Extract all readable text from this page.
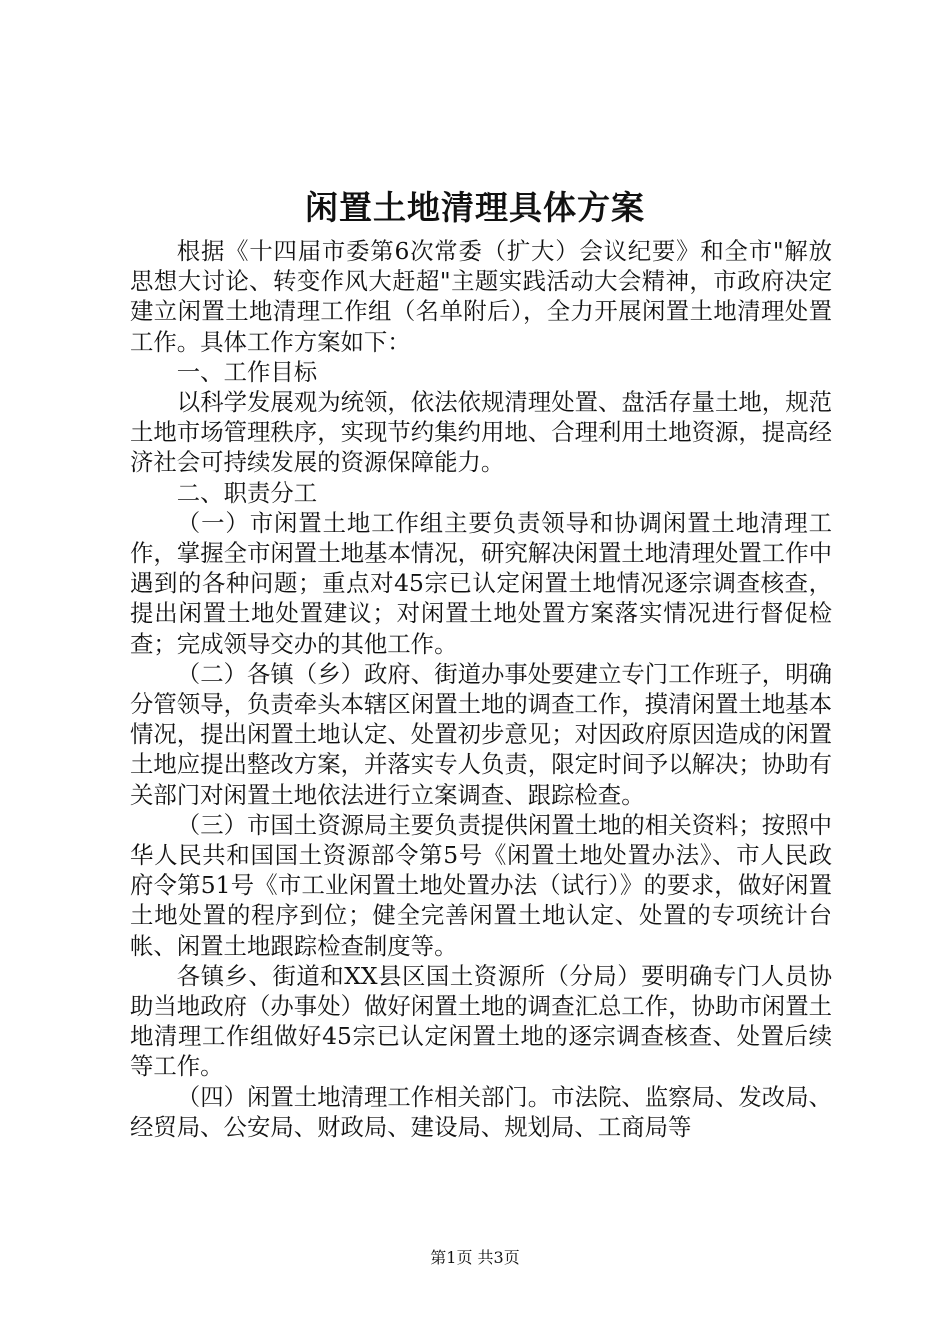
闲置土地清理具体方案

根据《十四届市委第6次常委（扩大）会议纪要》和全市"解放思想大讨论、转变作风大赶超"主题实践活动大会精神，市政府决定建立闲置土地清理工作组（名单附后），全力开展闲置土地清理处置工作。具体工作方案如下：

一、工作目标

以科学发展观为统领，依法依规清理处置、盘活存量土地，规范土地市场管理秩序，实现节约集约用地、合理利用土地资源，提高经济社会可持续发展的资源保障能力。

二、职责分工

（一）市闲置土地工作组主要负责领导和协调闲置土地清理工作，掌握全市闲置土地基本情况，研究解决闲置土地清理处置工作中遇到的各种问题；重点对45宗已认定闲置土地情况逐宗调查核查，提出闲置土地处置建议；对闲置土地处置方案落实情况进行督促检查；完成领导交办的其他工作。

（二）各镇（乡）政府、街道办事处要建立专门工作班子，明确分管领导，负责牵头本辖区闲置土地的调查工作，摸清闲置土地基本情况，提出闲置土地认定、处置初步意见；对因政府原因造成的闲置土地应提出整改方案，并落实专人负责，限定时间予以解决；协助有关部门对闲置土地依法进行立案调查、跟踪检查。

（三）市国土资源局主要负责提供闲置土地的相关资料；按照中华人民共和国国土资源部令第5号《闲置土地处置办法》、市人民政府令第51号《市工业闲置土地处置办法（试行）》的要求，做好闲置土地处置的程序到位；健全完善闲置土地认定、处置的专项统计台帐、闲置土地跟踪检查制度等。

各镇乡、街道和XX县区国土资源所（分局）要明确专门人员协助当地政府（办事处）做好闲置土地的调查汇总工作，协助市闲置土地清理工作组做好45宗已认定闲置土地的逐宗调查核查、处置后续等工作。

（四）闲置土地清理工作相关部门。市法院、监察局、发改局、经贸局、公安局、财政局、建设局、规划局、工商局等

第1页 共3页
